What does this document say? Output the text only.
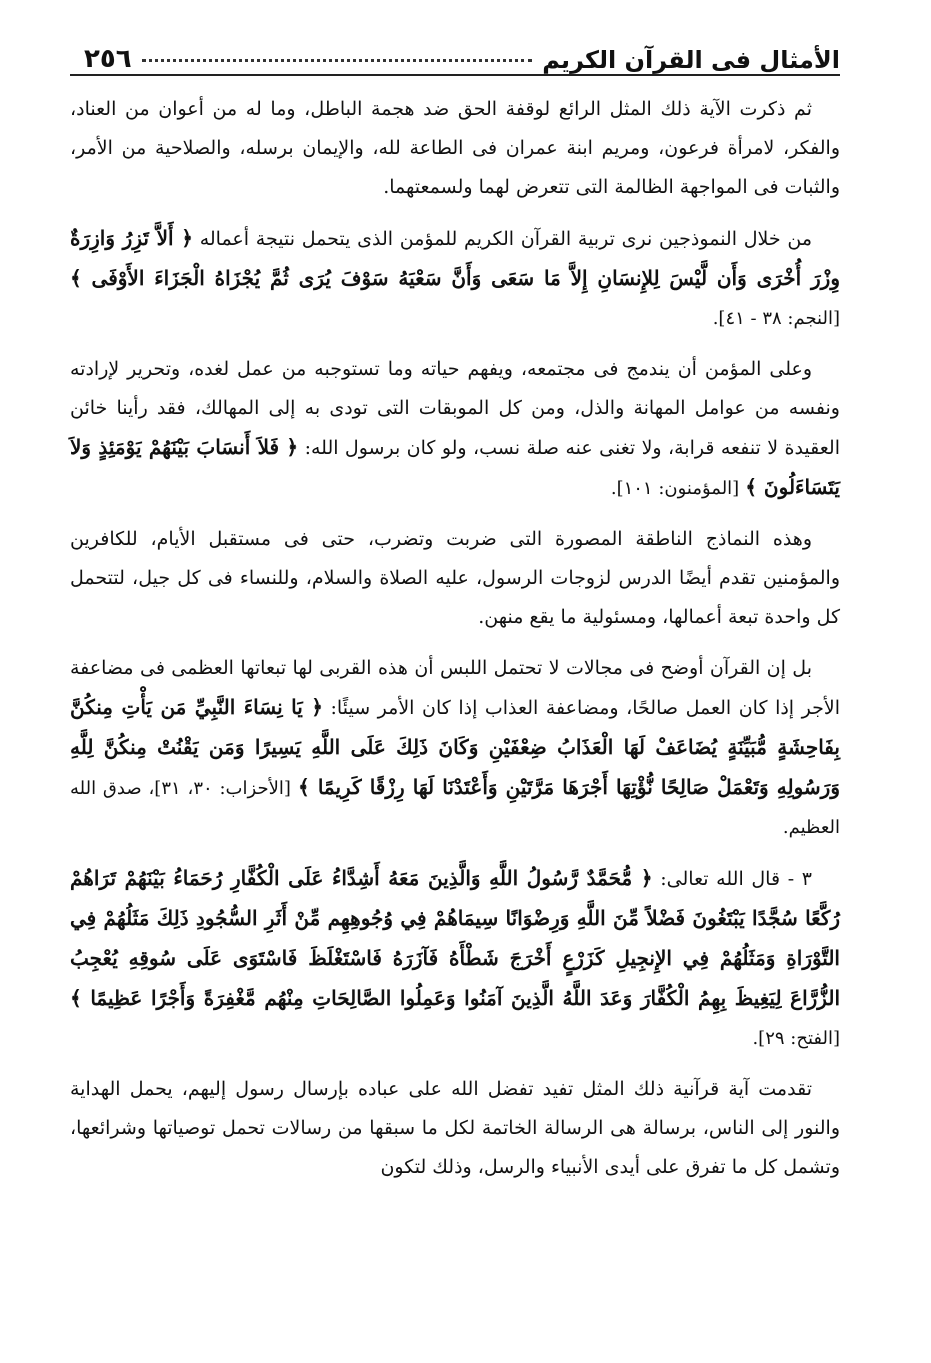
الأمثال فى القرآن الكريم
٢٥٦

ثم ذكرت الآية ذلك المثل الرائع لوقفة الحق ضد هجمة الباطل، وما له من أعوان من العناد، والفكر، لامرأة فرعون، ومريم ابنة عمران فى الطاعة لله، والإيمان برسله، والصلاحية من الأمر، والثبات فى المواجهة الظالمة التى تتعرض لهما ولسمعتهما.

من خلال النموذجين نرى تربية القرآن الكريم للمؤمن الذى يتحمل نتيجة أعماله ﴿ أَلاَّ تَزِرُ وَازِرَةٌ وِزْرَ أُخْرَى وَأَن لَّيْسَ لِلإِنسَانِ إِلاَّ مَا سَعَى وَأَنَّ سَعْيَهُ سَوْفَ يُرَى ثُمَّ يُجْزَاهُ الْجَزَاءَ الأَوْفَى ﴾ [النجم: ٣٨ - ٤١].

وعلى المؤمن أن يندمج فى مجتمعه، ويفهم حياته وما تستوجبه من عمل لغده، وتحرير لإرادته ونفسه من عوامل المهانة والذل، ومن كل الموبقات التى تودى به إلى المهالك، فقد رأينا خائن العقيدة لا تنفعه قرابة، ولا تغنى عنه صلة نسب، ولو كان برسول الله: ﴿ فَلاَ أَنسَابَ بَيْنَهُمْ يَوْمَئِذٍ وَلاَ يَتَسَاءَلُونَ ﴾ [المؤمنون: ١٠١].

وهذه النماذج الناطقة المصورة التى ضربت وتضرب، حتى فى مستقبل الأيام، للكافرين والمؤمنين تقدم أيضًا الدرس لزوجات الرسول، عليه الصلاة والسلام، وللنساء فى كل جيل، لتتحمل كل واحدة تبعة أعمالها، ومسئولية ما يقع منهن.

بل إن القرآن أوضح فى مجالات لا تحتمل اللبس أن هذه القربى لها تبعاتها العظمى فى مضاعفة الأجر إذا كان العمل صالحًا، ومضاعفة العذاب إذا كان الأمر سيئًا: ﴿ يَا نِسَاءَ النَّبِيِّ مَن يَأْتِ مِنكُنَّ بِفَاحِشَةٍ مُّبَيِّنَةٍ يُضَاعَفْ لَهَا الْعَذَابُ ضِعْفَيْنِ وَكَانَ ذَلِكَ عَلَى اللَّهِ يَسِيرًا وَمَن يَقْنُتْ مِنكُنَّ لِلَّهِ وَرَسُولِهِ وَتَعْمَلْ صَالِحًا نُّؤْتِهَا أَجْرَهَا مَرَّتَيْنِ وَأَعْتَدْنَا لَهَا رِزْقًا كَرِيمًا ﴾ [الأحزاب: ٣٠، ٣١]، صدق الله العظيم.

٣ - قال الله تعالى: ﴿ مُّحَمَّدٌ رَّسُولُ اللَّهِ وَالَّذِينَ مَعَهُ أَشِدَّاءُ عَلَى الْكُفَّارِ رُحَمَاءُ بَيْنَهُمْ تَرَاهُمْ رُكَّعًا سُجَّدًا يَبْتَغُونَ فَضْلاً مِّنَ اللَّهِ وَرِضْوَانًا سِيمَاهُمْ فِي وُجُوهِهِم مِّنْ أَثَرِ السُّجُودِ ذَلِكَ مَثَلُهُمْ فِي التَّوْرَاةِ وَمَثَلُهُمْ فِي الإِنجِيلِ كَزَرْعٍ أَخْرَجَ شَطْأَهُ فَآزَرَهُ فَاسْتَغْلَظَ فَاسْتَوَى عَلَى سُوقِهِ يُعْجِبُ الزُّرَّاعَ لِيَغِيظَ بِهِمُ الْكُفَّارَ وَعَدَ اللَّهُ الَّذِينَ آمَنُوا وَعَمِلُوا الصَّالِحَاتِ مِنْهُم مَّغْفِرَةً وَأَجْرًا عَظِيمًا ﴾ [الفتح: ٢٩].

تقدمت آية قرآنية ذلك المثل تفيد تفضل الله على عباده بإرسال رسول إليهم، يحمل الهداية والنور إلى الناس، برسالة هى الرسالة الخاتمة لكل ما سبقها من رسالات تحمل توصياتها وشرائعها، وتشمل كل ما تفرق على أيدى الأنبياء والرسل، وذلك لتكون
